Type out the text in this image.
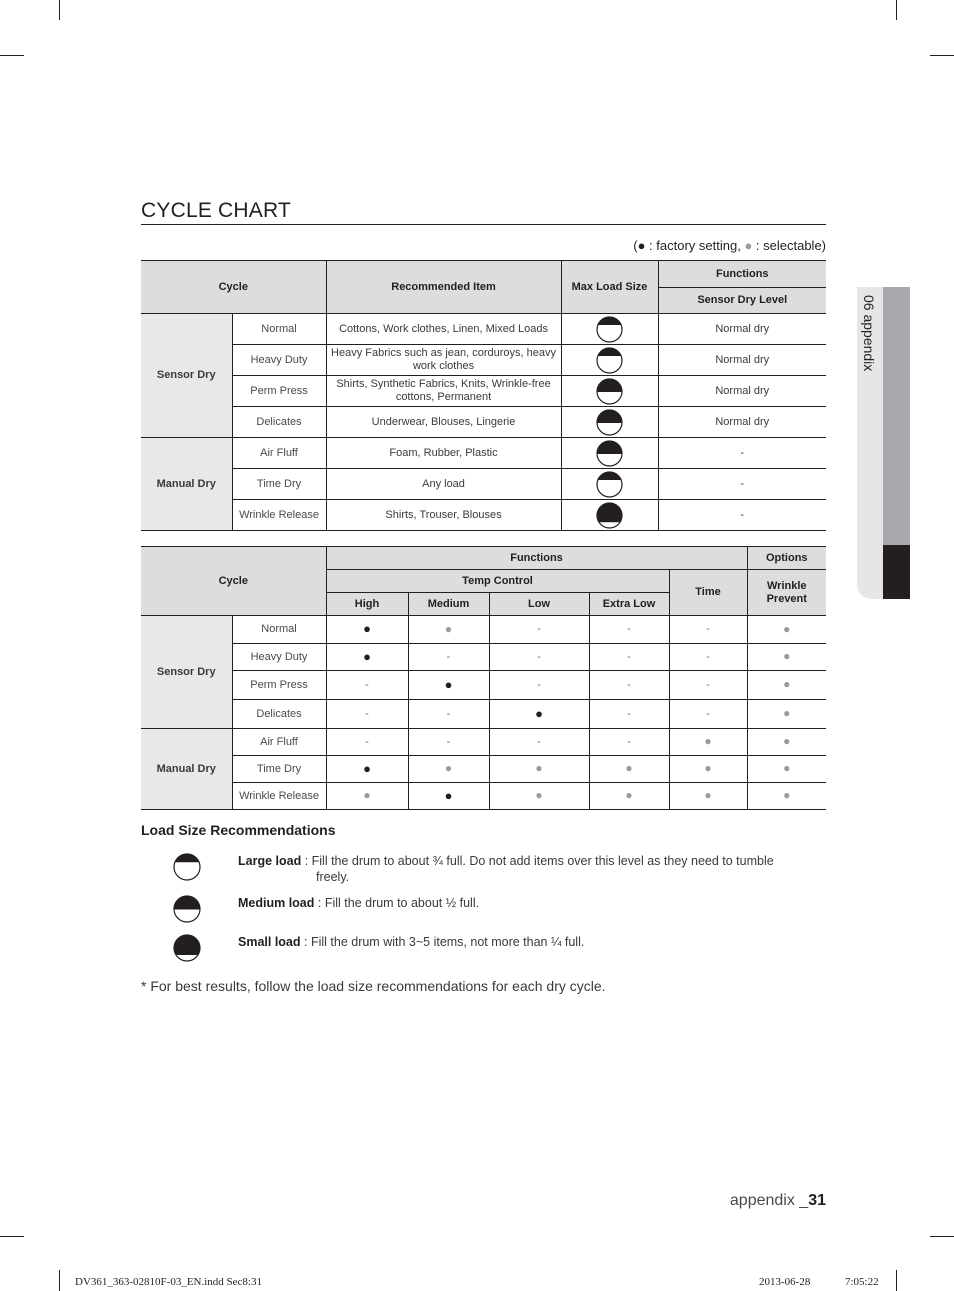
CYCLE CHART
(● : factory setting, ● : selectable)
Cycle		Recommended Item	Max Load Size	Functions
				Sensor Dry Level
Sensor Dry	Normal	Cottons, Work clothes, Linen, Mixed Loads		Normal dry
	Heavy Duty	Heavy Fabrics such as jean, corduroys, heavy work clothes		Normal dry
	Perm Press	Shirts, Synthetic Fabrics, Knits, Wrinkle-free cottons, Permanent		Normal dry
	Delicates	Underwear, Blouses, Lingerie		Normal dry
Manual Dry	Air Fluff	Foam, Rubber, Plastic		-
	Time Dry	Any load		-
	Wrinkle Release	Shirts, Trouser, Blouses		-
Cycle		Functions					Options
		Temp Control				Time	Wrinkle Prevent
		High	Medium	Low	Extra Low		
Sensor Dry	Normal	●	●	-	-	-	●
	Heavy Duty	●	-	-	-	-	●
	Perm Press	-	●	-	-	-	●
	Delicates	-	-	●	-	-	●
Manual Dry	Air Fluff	-	-	-	-	●	●
	Time Dry	●	●	●	●	●	●
	Wrinkle Release	●	●	●	●	●	●
Load Size Recommendations
Large load : Fill the drum to about ¾ full. Do not add items over this level as they need to tumble
freely.
Medium load : Fill the drum to about ½ full.
Small load : Fill the drum with 3~5 items, not more than ¼ full.
* For best results, follow the load size recommendations for each dry cycle.
06 appendix
appendix _31
DV361_363-02810F-03_EN.indd Sec8:31	2013-06-28	7:05:22
